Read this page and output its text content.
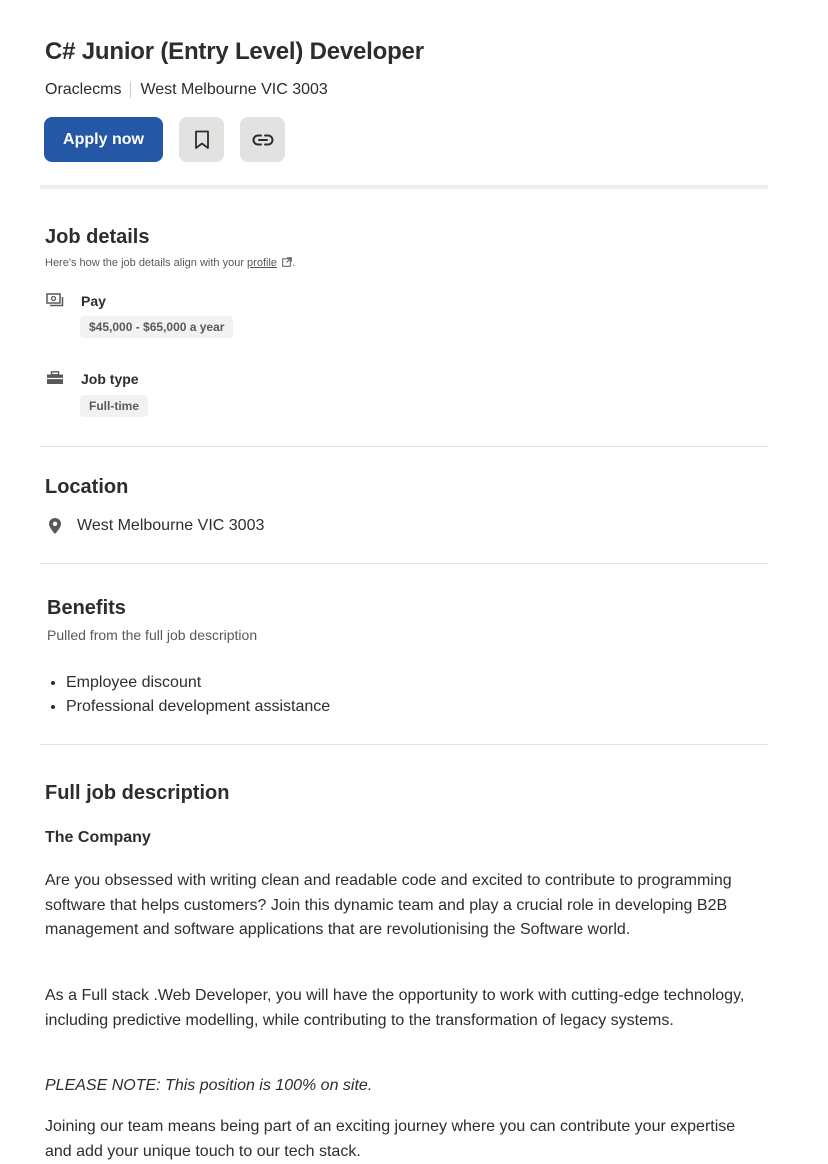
C# Junior (Entry Level) Developer
Oraclecms West Melbourne VIC 3003
Apply now
Job details
Here's how the job details align with your profile .
Pay
$45,000 - $65,000 a year
Job type
Full-time
Location
West Melbourne VIC 3003
Benefits
Pulled from the full job description
Employee discount
Professional development assistance
Full job description
The Company

Are you obsessed with writing clean and readable code and excited to contribute to programming software that helps customers? Join this dynamic team and play a crucial role in developing B2B management and software applications that are revolutionising the Software world.

As a Full stack .Web Developer, you will have the opportunity to work with cutting-edge technology, including predictive modelling, while contributing to the transformation of legacy systems.

PLEASE NOTE: This position is 100% on site.

Joining our team means being part of an exciting journey where you can contribute your expertise and add your unique touch to our tech stack.
